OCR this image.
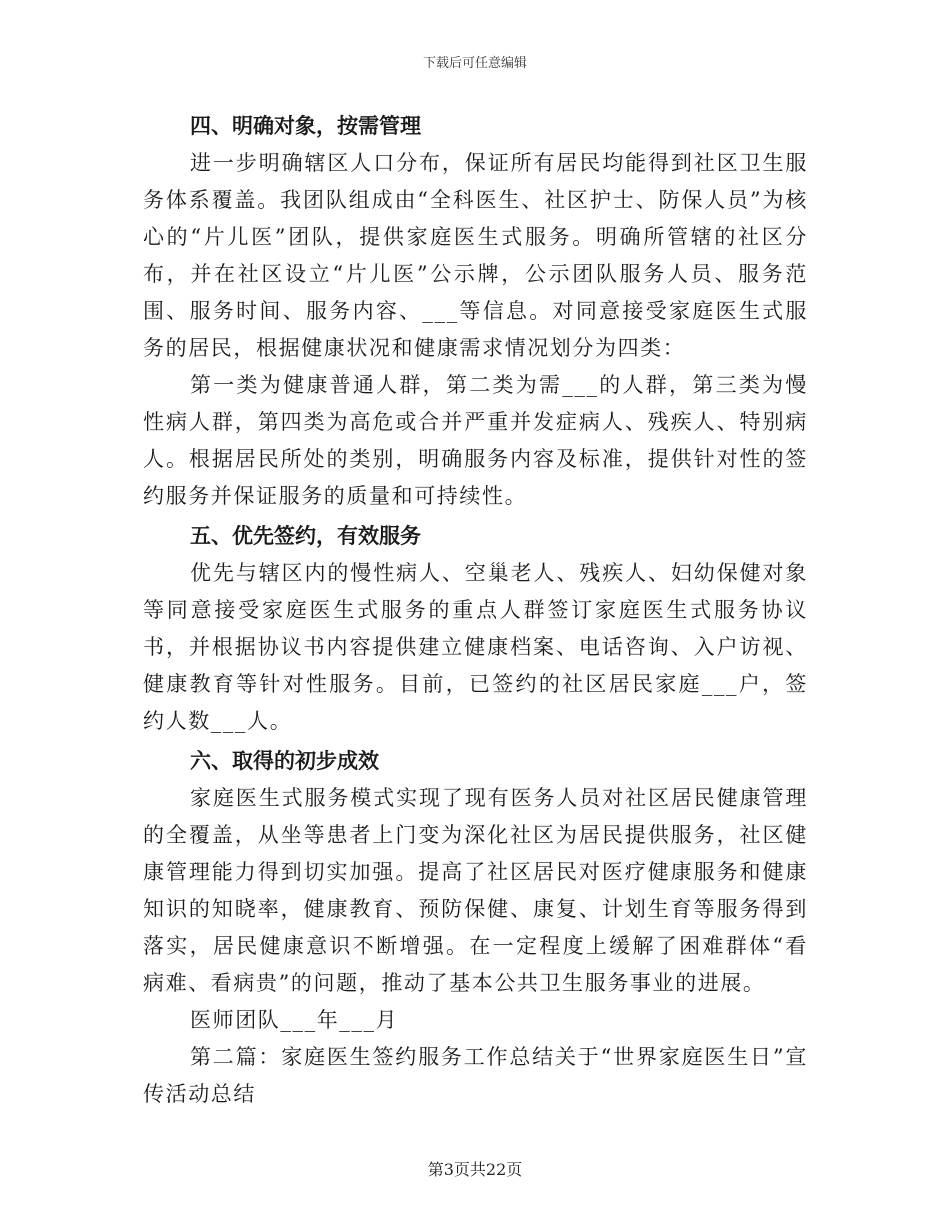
下载后可任意编辑
四、明确对象，按需管理

进一步明确辖区人口分布，保证所有居民均能得到社区卫生服务体系覆盖。我团队组成由“全科医生、社区护士、防保人员”为核心的“片儿医”团队，提供家庭医生式服务。明确所管辖的社区分布，并在社区设立“片儿医”公示牌，公示团队服务人员、服务范围、服务时间、服务内容、___等信息。对同意接受家庭医生式服务的居民，根据健康状况和健康需求情况划分为四类：

第一类为健康普通人群，第二类为需___的人群，第三类为慢性病人群，第四类为高危或合并严重并发症病人、残疾人、特别病人。根据居民所处的类别，明确服务内容及标准，提供针对性的签约服务并保证服务的质量和可持续性。

五、优先签约，有效服务

优先与辖区内的慢性病人、空巢老人、残疾人、妇幼保健对象等同意接受家庭医生式服务的重点人群签订家庭医生式服务协议书，并根据协议书内容提供建立健康档案、电话咨询、入户访视、健康教育等针对性服务。目前，已签约的社区居民家庭___户，签约人数___人。

六、取得的初步成效

家庭医生式服务模式实现了现有医务人员对社区居民健康管理的全覆盖，从坐等患者上门变为深化社区为居民提供服务，社区健康管理能力得到切实加强。提高了社区居民对医疗健康服务和健康知识的知晓率，健康教育、预防保健、康复、计划生育等服务得到落实，居民健康意识不断增强。在一定程度上缓解了困难群体“看病难、看病贵”的问题，推动了基本公共卫生服务事业的进展。

医师团队___年___月

第二篇：家庭医生签约服务工作总结关于“世界家庭医生日”宣传活动总结

第3页共22页
